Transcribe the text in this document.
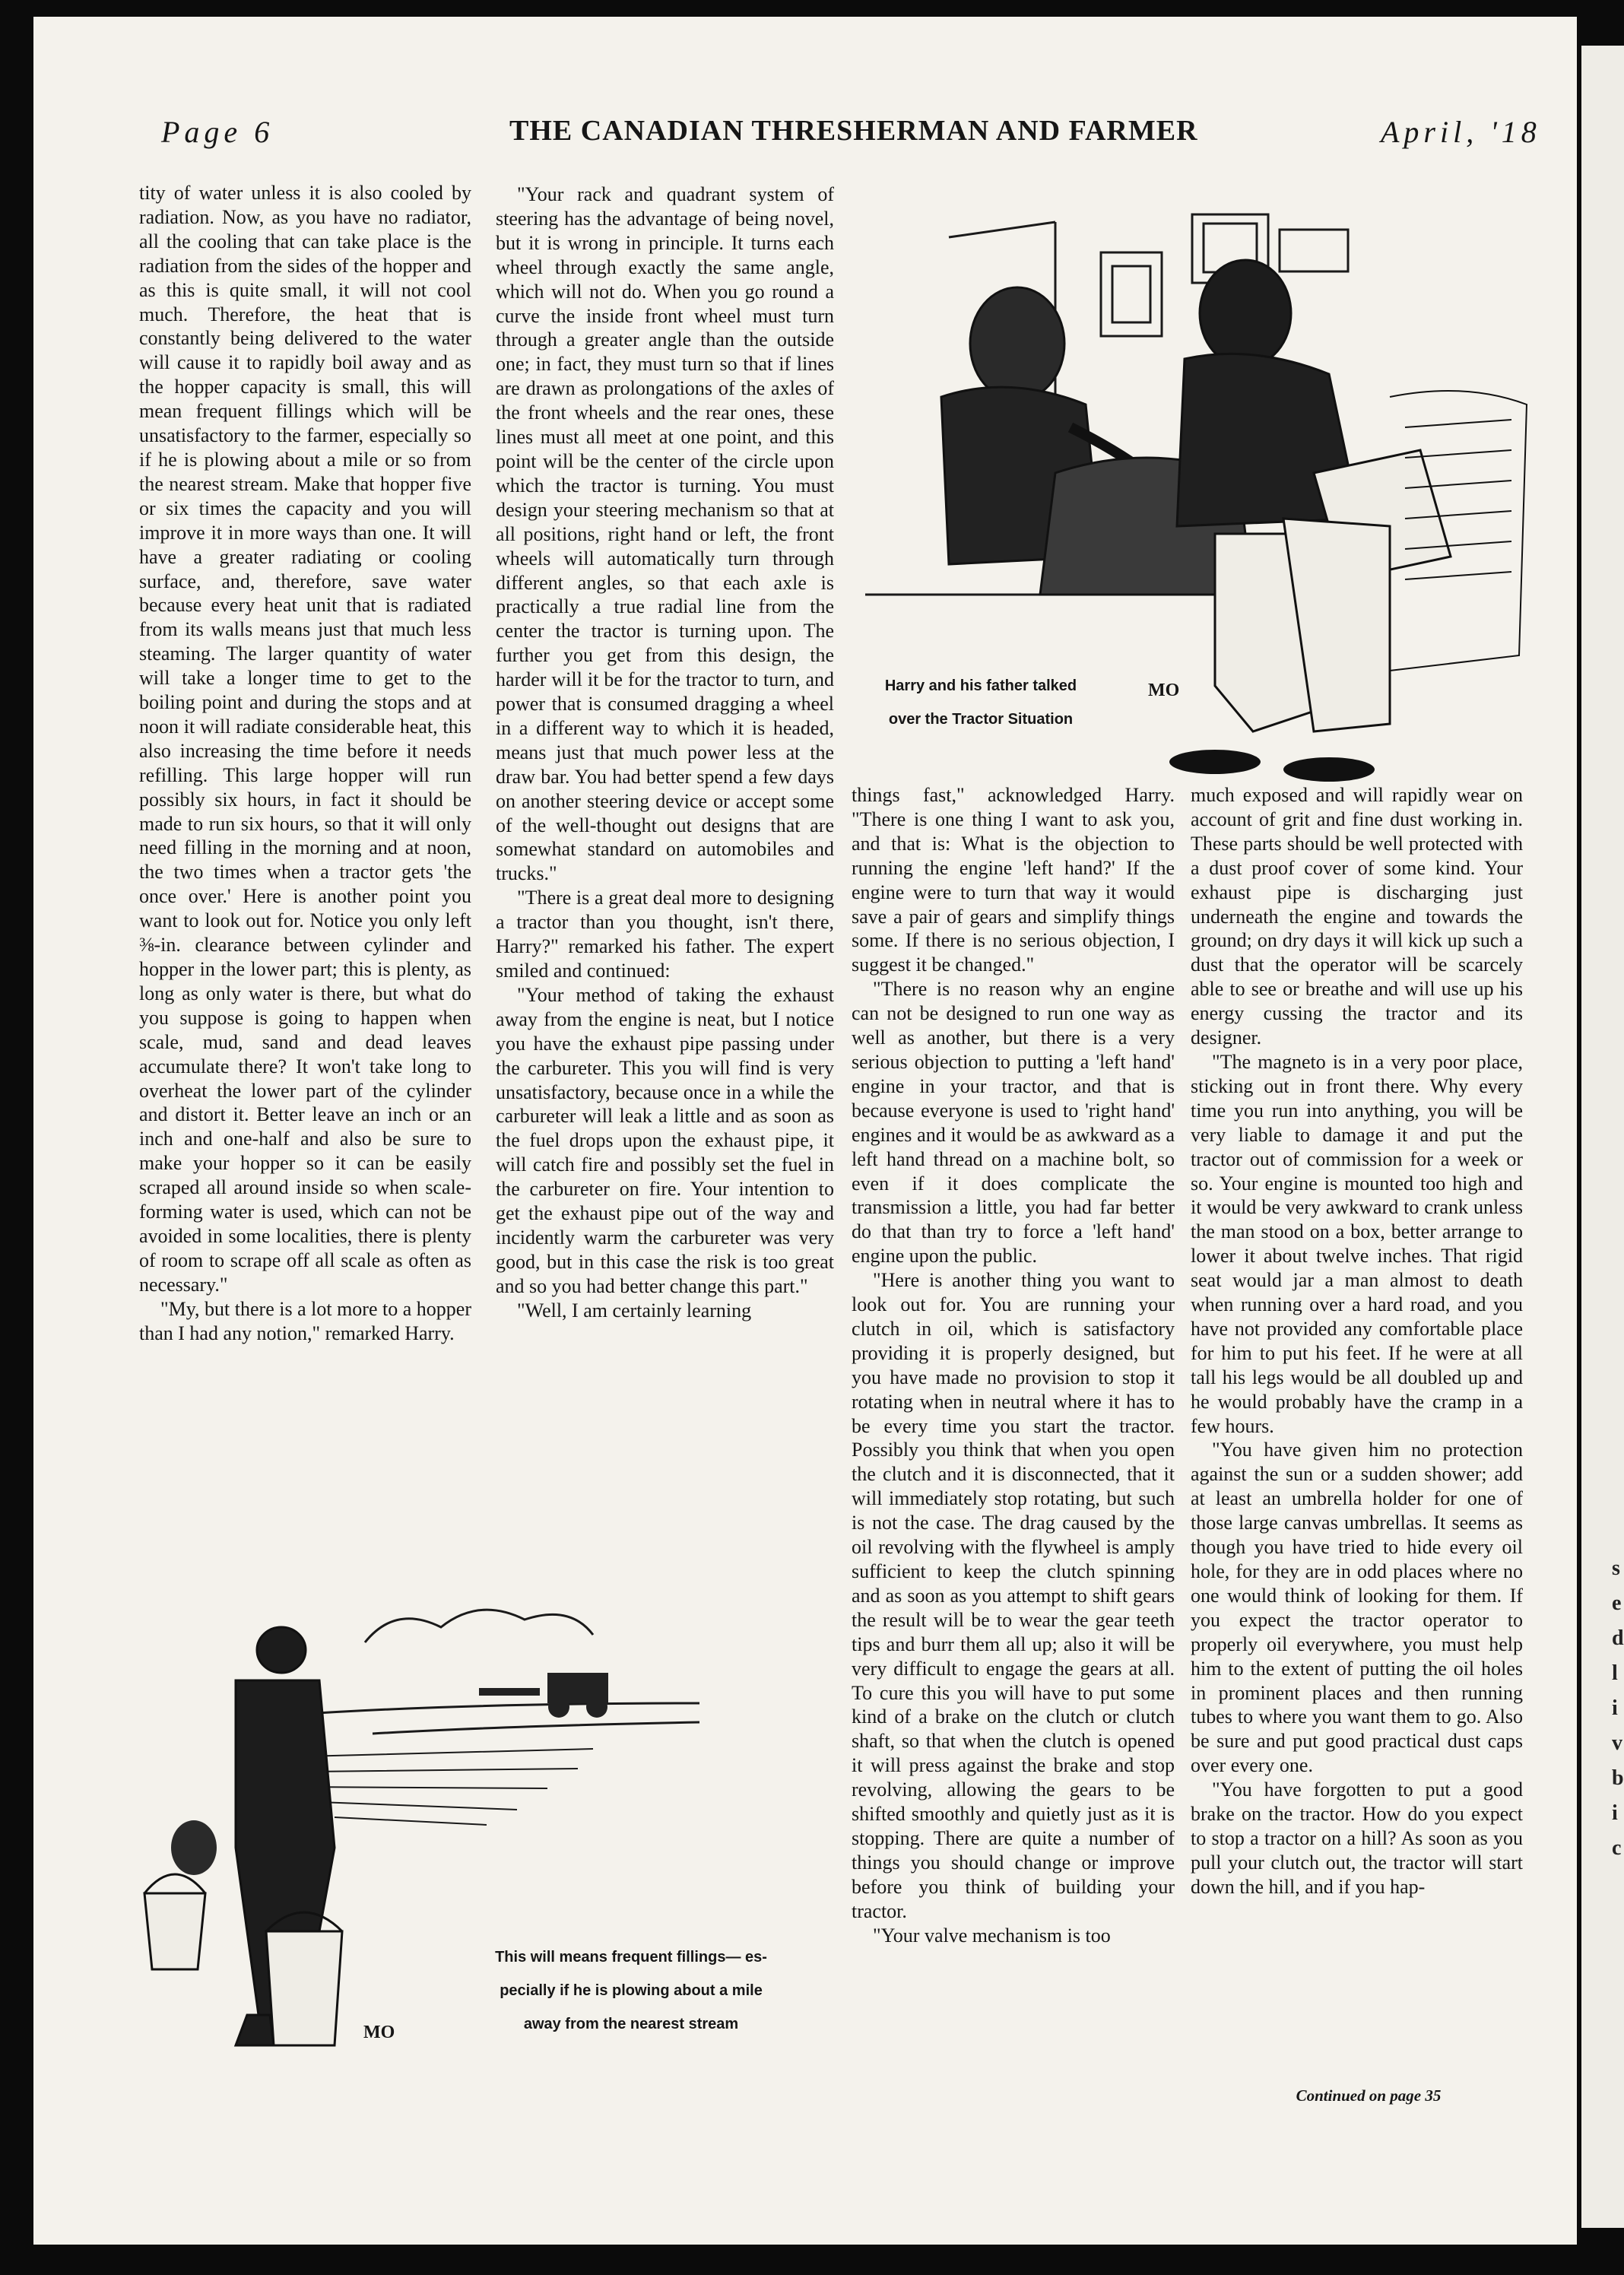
s
e
d
l
i
v
b
i
c
Page 6	THE CANADIAN THRESHERMAN AND FARMER	April, '18

tity of water unless it is also cooled by radiation. Now, as you have no radiator, all the cooling that can take place is the radiation from the sides of the hopper and as this is quite small, it will not cool much. Therefore, the heat that is constantly being delivered to the water will cause it to rapidly boil away and as the hopper capacity is small, this will mean frequent fillings which will be unsatisfactory to the farmer, especially so if he is plowing about a mile or so from the nearest stream. Make that hopper five or six times the capacity and you will improve it in more ways than one. It will have a greater radiating or cooling surface, and, therefore, save water because every heat unit that is radiated from its walls means just that much less steaming. The larger quantity of water will take a longer time to get to the boiling point and during the stops and at noon it will radiate considerable heat, this also increasing the time before it needs refilling. This large hopper will run possibly six hours, in fact it should be made to run six hours, so that it will only need filling in the morning and at noon, the two times when a tractor gets 'the once over.' Here is another point you want to look out for. Notice you only left ⅜-in. clearance between cylinder and hopper in the lower part; this is plenty, as long as only water is there, but what do you suppose is going to happen when scale, mud, sand and dead leaves accumulate there? It won't take long to overheat the lower part of the cylinder and distort it. Better leave an inch or an inch and one-half and also be sure to make your hopper so it can be easily scraped all around inside so when scale-forming water is used, which can not be avoided in some localities, there is plenty of room to scrape off all scale as often as necessary."

"My, but there is a lot more to a hopper than I had any notion," remarked Harry.

"Your rack and quadrant system of steering has the advantage of being novel, but it is wrong in principle. It turns each wheel through exactly the same angle, which will not do. When you go round a curve the inside front wheel must turn through a greater angle than the outside one; in fact, they must turn so that if lines are drawn as prolongations of the axles of the front wheels and the rear ones, these lines must all meet at one point, and this point will be the center of the circle upon which the tractor is turning. You must design your steering mechanism so that at all positions, right hand or left, the front wheels will automatically turn through different angles, so that each axle is practically a true radial line from the center the tractor is turning upon. The further you get from this design, the harder will it be for the tractor to turn, and power that is consumed dragging a wheel in a different way to which it is headed, means just that much power less at the draw bar. You had better spend a few days on another steering device or accept some of the well-thought out designs that are somewhat standard on automobiles and trucks."

"There is a great deal more to designing a tractor than you thought, isn't there, Harry?" remarked his father. The expert smiled and continued:

"Your method of taking the exhaust away from the engine is neat, but I notice you have the exhaust pipe passing under the carbureter. This you will find is very unsatisfactory, because once in a while the carbureter will leak a little and as soon as the fuel drops upon the exhaust pipe, it will catch fire and possibly set the fuel in the carbureter on fire. Your intention to get the exhaust pipe out of the way and incidently warm the carbureter was very good, but in this case the risk is too great and so you had better change this part."

"Well, I am certainly learning

Harry and his father talked
over the Tractor Situation
MO

things fast," acknowledged Harry. "There is one thing I want to ask you, and that is: What is the objection to running the engine 'left hand?' If the engine were to turn that way it would save a pair of gears and simplify things some. If there is no serious objection, I suggest it be changed."

"There is no reason why an engine can not be designed to run one way as well as another, but there is a very serious objection to putting a 'left hand' engine in your tractor, and that is because everyone is used to 'right hand' engines and it would be as awkward as a left hand thread on a machine bolt, so even if it does complicate the transmission a little, you had far better do that than try to force a 'left hand' engine upon the public.

"Here is another thing you want to look out for. You are running your clutch in oil, which is satisfactory providing it is properly designed, but you have made no provision to stop it rotating when in neutral where it has to be every time you start the tractor. Possibly you think that when you open the clutch and it is disconnected, that it will immediately stop rotating, but such is not the case. The drag caused by the oil revolving with the flywheel is amply sufficient to keep the clutch spinning and as soon as you attempt to shift gears the result will be to wear the gear teeth tips and burr them all up; also it will be very difficult to engage the gears at all. To cure this you will have to put some kind of a brake on the clutch or clutch shaft, so that when the clutch is opened it will press against the brake and stop revolving, allowing the gears to be shifted smoothly and quietly just as it is stopping. There are quite a number of things you should change or improve before you think of building your tractor.

"Your valve mechanism is too

much exposed and will rapidly wear on account of grit and fine dust working in. These parts should be well protected with a dust proof cover of some kind. Your exhaust pipe is discharging just underneath the engine and towards the ground; on dry days it will kick up such a dust that the operator will be scarcely able to see or breathe and will use up his energy cussing the tractor and its designer.

"The magneto is in a very poor place, sticking out in front there. Why every time you run into anything, you will be very liable to damage it and put the tractor out of commission for a week or so. Your engine is mounted too high and it would be very awkward to crank unless the man stood on a box, better arrange to lower it about twelve inches. That rigid seat would jar a man almost to death when running over a hard road, and you have not provided any comfortable place for him to put his feet. If he were at all tall his legs would be all doubled up and he would probably have the cramp in a few hours.

"You have given him no protection against the sun or a sudden shower; add at least an umbrella holder for one of those large canvas umbrellas. It seems as though you have tried to hide every oil hole, for they are in odd places where no one would think of looking for them. If you expect the tractor operator to properly oil everywhere, you must help him to the extent of putting the oil holes in prominent places and then running tubes to where you want them to go. Also be sure and put good practical dust caps over every one.

"You have forgotten to put a good brake on the tractor. How do you expect to stop a tractor on a hill? As soon as you pull your clutch out, the tractor will start down the hill, and if you hap-

MO
This will means frequent fillings— es-
pecially if he is plowing about a mile
away from the nearest stream
Continued on page 35
